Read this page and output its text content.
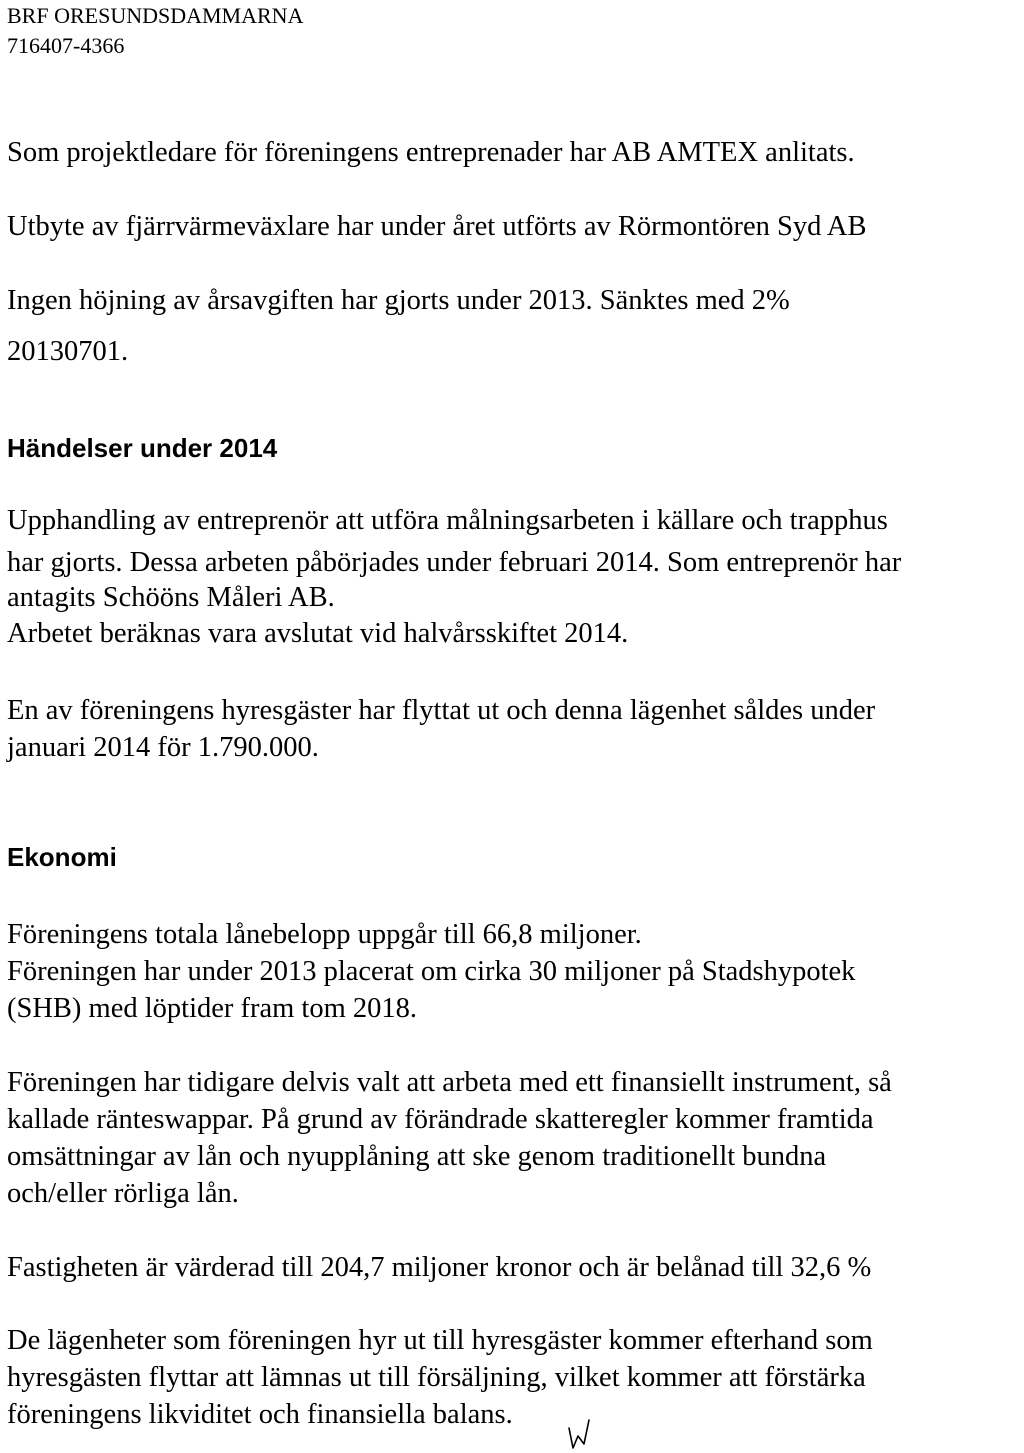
BRF ORESUNDSDAMMARNA
716407-4366
Som projektledare för föreningens entreprenader har AB AMTEX anlitats.
Utbyte av fjärrvärmeväxlare har under året utförts av Rörmontören Syd AB
Ingen höjning av årsavgiften har gjorts under 2013. Sänktes med 2%
20130701.
Händelser under 2014
Upphandling av entreprenör att utföra målningsarbeten i källare och trapphus
har gjorts. Dessa arbeten påbörjades under februari 2014. Som entreprenör har
antagits Schööns Måleri AB.
Arbetet beräknas vara avslutat vid halvårsskiftet 2014.
En av föreningens hyresgäster har flyttat ut och denna lägenhet såldes under
januari 2014 för 1.790.000.
Ekonomi
Föreningens totala lånebelopp uppgår till 66,8 miljoner.
Föreningen har under 2013 placerat om cirka 30 miljoner på Stadshypotek
(SHB) med löptider fram tom 2018.
Föreningen har tidigare delvis valt att arbeta med ett finansiellt instrument, så
kallade ränteswappar. På grund av förändrade skatteregler kommer framtida
omsättningar av lån och nyupplåning att ske genom traditionellt bundna
och/eller rörliga lån.
Fastigheten är värderad till 204,7 miljoner kronor och är belånad till 32,6 %
De lägenheter som föreningen hyr ut till hyresgäster kommer efterhand som
hyresgästen flyttar att lämnas ut till försäljning, vilket kommer att förstärka
föreningens likviditet och finansiella balans.
